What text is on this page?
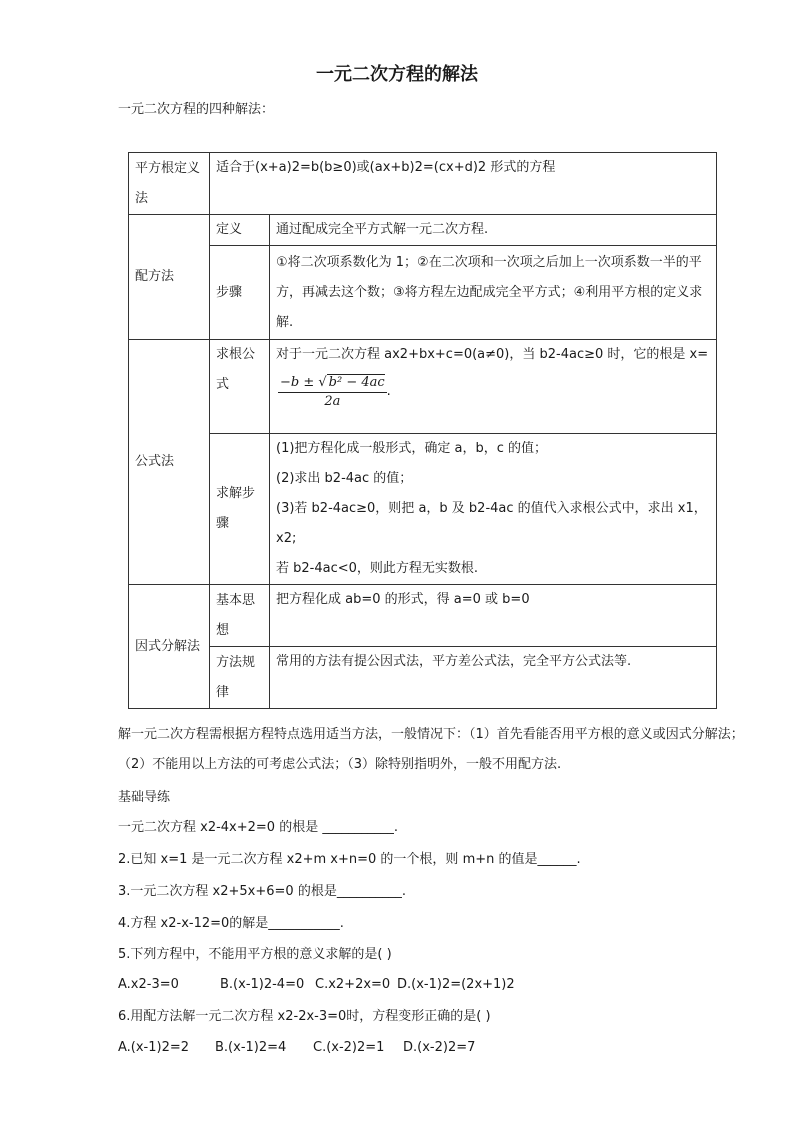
一元二次方程的解法
一元二次方程的四种解法：
平方根定义法	适合于(x+a)2=b(b≥0)或(ax+b)2=(cx+d)2 形式的方程	
配方法	定义	通过配成完全平方式解一元二次方程.
	步骤	①将二次项系数化为 1；②在二次项和一次项之后加上一次项系数一半的平方，再减去这个数；③将方程左边配成完全平方式；④利用平方根的定义求解.
公式法	求根公式	对于一元二次方程 ax2+bx+c=0(a≠0)，当 b2-4ac≥0 时，它的根是 x=

$\frac{\text{−b ± √ b² − 4ac}}{2a}$ .
	求解步骤	(1)把方程化成一般形式，确定 a，b，c 的值；
(2)求出 b2-4ac 的值；
(3)若 b2-4ac≥0，则把 a，b 及 b2-4ac 的值代入求根公式中，求出 x1，x2;
若 b2-4ac<0，则此方程无实数根.

因式分解法	基本思想	把方程化成 ab=0 的形式，得 a=0 或 b=0
	方法规律	常用的方法有提公因式法，平方差公式法，完全平方公式法等.
解一元二次方程需根据方程特点选用适当方法，一般情况下：（1）首先看能否用平方根的意义或因式分解法；（2）不能用以上方法的可考虑公式法；（3）除特别指明外，一般不用配方法.
基础导练
一元二次方程 x2-4x+2=0 的根是 ___________.
2.已知 x=1 是一元二次方程 x2+m x+n=0 的一个根，则 m+n 的值是______.
3.一元二次方程 x2+5x+6=0 的根是__________.
4.方程 x2-x-12=0的解是___________.
5.下列方程中，不能用平方根的意义求解的是( )
A.x2-3=0	B.(x-1)2-4=0 C.x2+2x=0 D.(x-1)2=(2x+1)2
6.用配方法解一元二次方程 x2-2x-3=0时，方程变形正确的是( )
A.(x-1)2=2 B.(x-1)2=4 C.(x-2)2=1 D.(x-2)2=7
